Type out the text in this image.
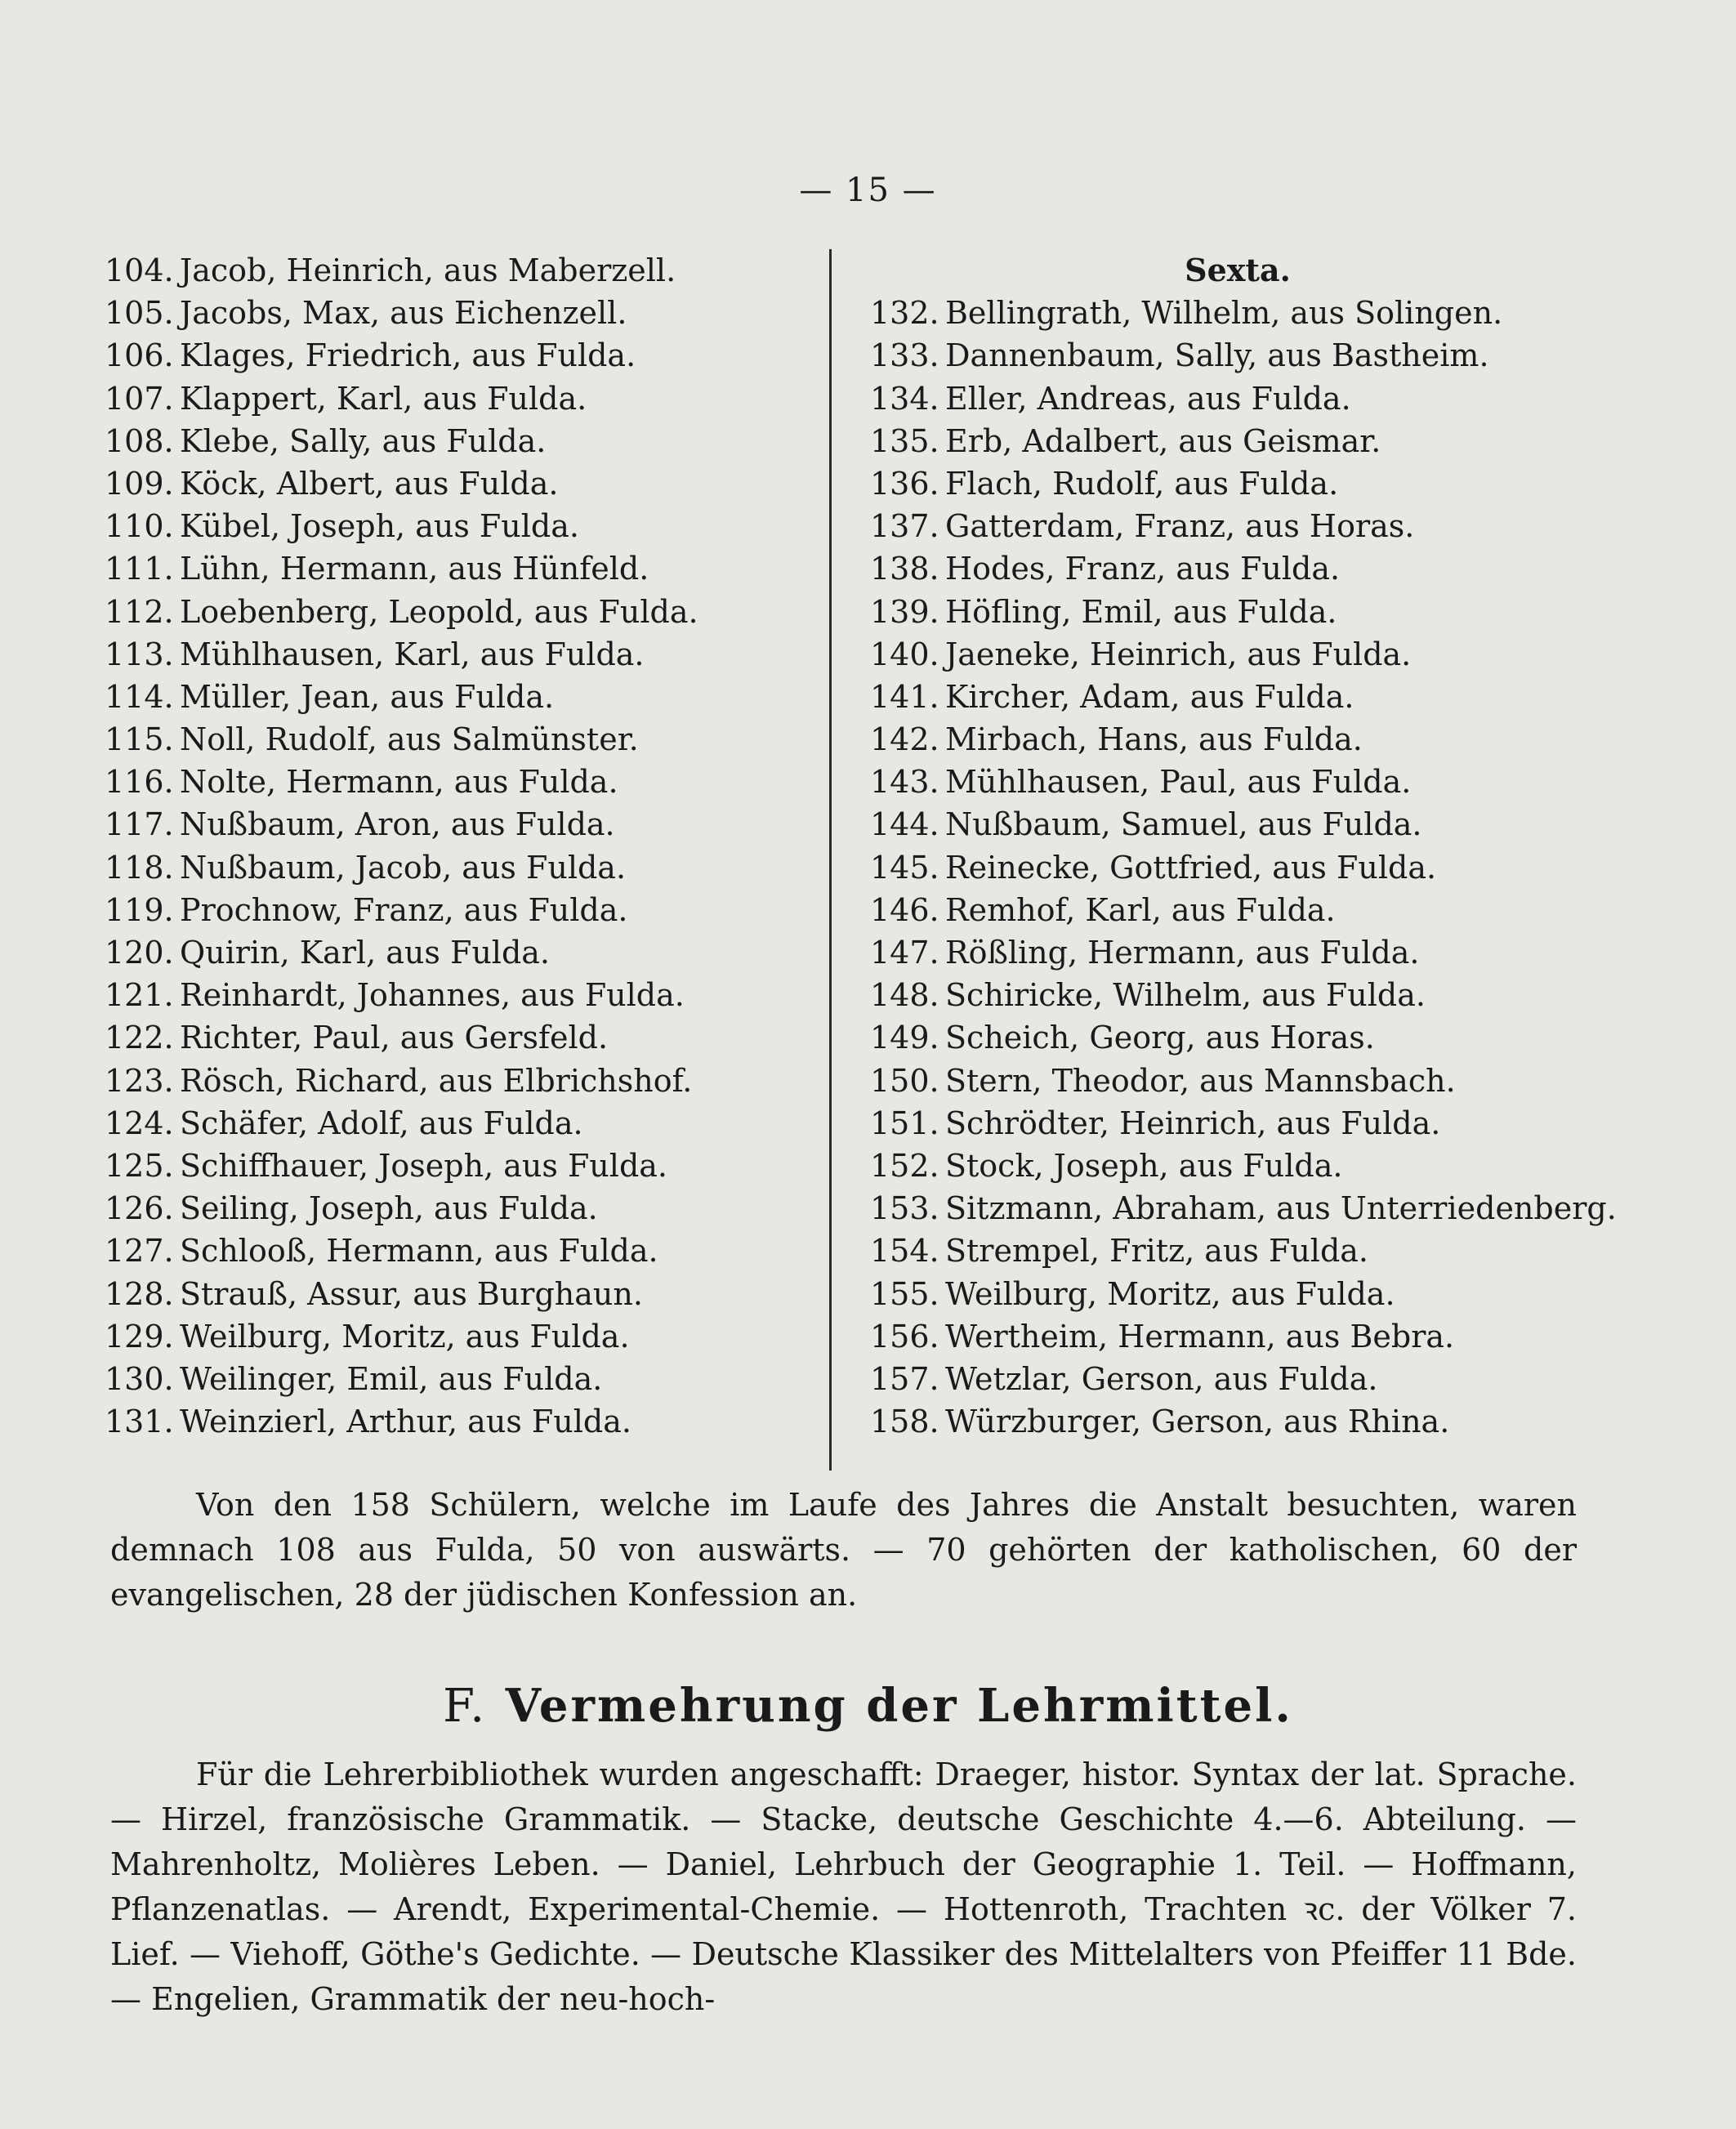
— 15 —
104. Jacob, Heinrich, aus Maberzell.
105. Jacobs, Max, aus Eichenzell.
106. Klages, Friedrich, aus Fulda.
107. Klappert, Karl, aus Fulda.
108. Klebe, Sally, aus Fulda.
109. Köck, Albert, aus Fulda.
110. Kübel, Joseph, aus Fulda.
111. Lühn, Hermann, aus Hünfeld.
112. Loebenberg, Leopold, aus Fulda.
113. Mühlhausen, Karl, aus Fulda.
114. Müller, Jean, aus Fulda.
115. Noll, Rudolf, aus Salmünster.
116. Nolte, Hermann, aus Fulda.
117. Nußbaum, Aron, aus Fulda.
118. Nußbaum, Jacob, aus Fulda.
119. Prochnow, Franz, aus Fulda.
120. Quirin, Karl, aus Fulda.
121. Reinhardt, Johannes, aus Fulda.
122. Richter, Paul, aus Gersfeld.
123. Rösch, Richard, aus Elbrichshof.
124. Schäfer, Adolf, aus Fulda.
125. Schiffhauer, Joseph, aus Fulda.
126. Seiling, Joseph, aus Fulda.
127. Schlooß, Hermann, aus Fulda.
128. Strauß, Assur, aus Burghaun.
129. Weilburg, Moritz, aus Fulda.
130. Weilinger, Emil, aus Fulda.
131. Weinzierl, Arthur, aus Fulda.
Sexta.
132. Bellingrath, Wilhelm, aus Solingen.
133. Dannenbaum, Sally, aus Bastheim.
134. Eller, Andreas, aus Fulda.
135. Erb, Adalbert, aus Geismar.
136. Flach, Rudolf, aus Fulda.
137. Gatterdam, Franz, aus Horas.
138. Hodes, Franz, aus Fulda.
139. Höfling, Emil, aus Fulda.
140. Jaeneke, Heinrich, aus Fulda.
141. Kircher, Adam, aus Fulda.
142. Mirbach, Hans, aus Fulda.
143. Mühlhausen, Paul, aus Fulda.
144. Nußbaum, Samuel, aus Fulda.
145. Reinecke, Gottfried, aus Fulda.
146. Remhof, Karl, aus Fulda.
147. Rößling, Hermann, aus Fulda.
148. Schiricke, Wilhelm, aus Fulda.
149. Scheich, Georg, aus Horas.
150. Stern, Theodor, aus Mannsbach.
151. Schrödter, Heinrich, aus Fulda.
152. Stock, Joseph, aus Fulda.
153. Sitzmann, Abraham, aus Unterriedenberg.
154. Strempel, Fritz, aus Fulda.
155. Weilburg, Moritz, aus Fulda.
156. Wertheim, Hermann, aus Bebra.
157. Wetzlar, Gerson, aus Fulda.
158. Würzburger, Gerson, aus Rhina.
Von den 158 Schülern, welche im Laufe des Jahres die Anstalt besuchten, waren demnach 108 aus Fulda, 50 von auswärts. — 70 gehörten der katholischen, 60 der evangelischen, 28 der jüdischen Konfession an.
F. Vermehrung der Lehrmittel.
Für die Lehrerbibliothek wurden angeschafft: Draeger, histor. Syntax der lat. Sprache. — Hirzel, französische Grammatik. — Stacke, deutsche Geschichte 4.—6. Abteilung. — Mahrenholtz, Molières Leben. — Daniel, Lehrbuch der Geographie 1. Teil. — Hoffmann, Pflanzenatlas. — Arendt, Experimental-Chemie. — Hottenroth, Trachten ꝛc. der Völker 7. Lief. — Viehoff, Göthe's Gedichte. — Deutsche Klassiker des Mittelalters von Pfeiffer 11 Bde. — Engelien, Grammatik der neu-hoch-
